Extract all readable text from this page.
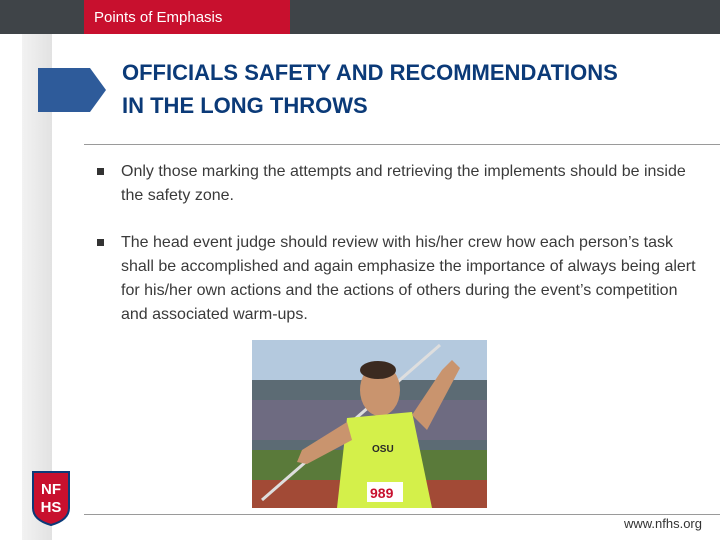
Points of Emphasis
OFFICIALS SAFETY AND RECOMMENDATIONS
IN THE LONG THROWS
Only those marking the attempts and retrieving the implements should be inside the safety zone.
The head event judge should review with his/her crew how each person’s task shall be accomplished and again emphasize the importance of always being alert for his/her own actions and the actions of others during the event’s competition and associated warm-ups.
OSU
989
NF
HS
www.nfhs.org
